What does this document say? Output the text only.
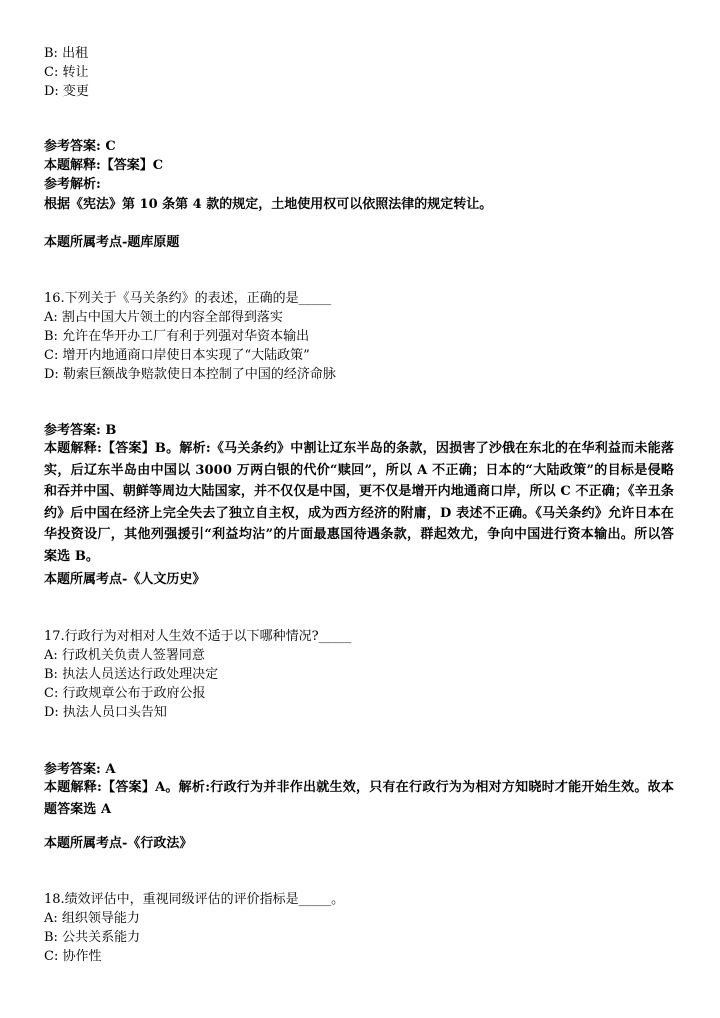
B: 出租
C: 转让
D: 变更
参考答案: C
本题解释:【答案】C
参考解析:
根据《宪法》第 10 条第 4 款的规定，土地使用权可以依照法律的规定转让。
本题所属考点-题库原题
16.下列关于《马关条约》的表述，正确的是_____
A: 割占中国大片领土的内容全部得到落实
B: 允许在华开办工厂有利于列强对华资本输出
C: 增开内地通商口岸使日本实现了“大陆政策”
D: 勒索巨额战争赔款使日本控制了中国的经济命脉
参考答案: B
本题解释:【答案】B。解析:《马关条约》中割让辽东半岛的条款，因损害了沙俄在东北的在华利益而未能落实，后辽东半岛由中国以 3000 万两白银的代价“赎回”，所以 A 不正确；日本的“大陆政策”的目标是侵略和吞并中国、朝鲜等周边大陆国家，并不仅仅是中国，更不仅是增开内地通商口岸，所以 C 不正确；《辛丑条约》后中国在经济上完全失去了独立自主权，成为西方经济的附庸，D 表述不正确。《马关条约》允许日本在华投资设厂，其他列强援引“利益均沾”的片面最惠国待遇条款，群起效尤，争向中国进行资本输出。所以答案选 B。
本题所属考点-《人文历史》
17.行政行为对相对人生效不适于以下哪种情况?_____
A: 行政机关负责人签署同意
B: 执法人员送达行政处理决定
C: 行政规章公布于政府公报
D: 执法人员口头告知
参考答案: A
本题解释:【答案】A。解析:行政行为并非作出就生效，只有在行政行为为相对方知晓时才能开始生效。故本题答案选 A
本题所属考点-《行政法》
18.绩效评估中，重视同级评估的评价指标是_____。
A: 组织领导能力
B: 公共关系能力
C: 协作性
